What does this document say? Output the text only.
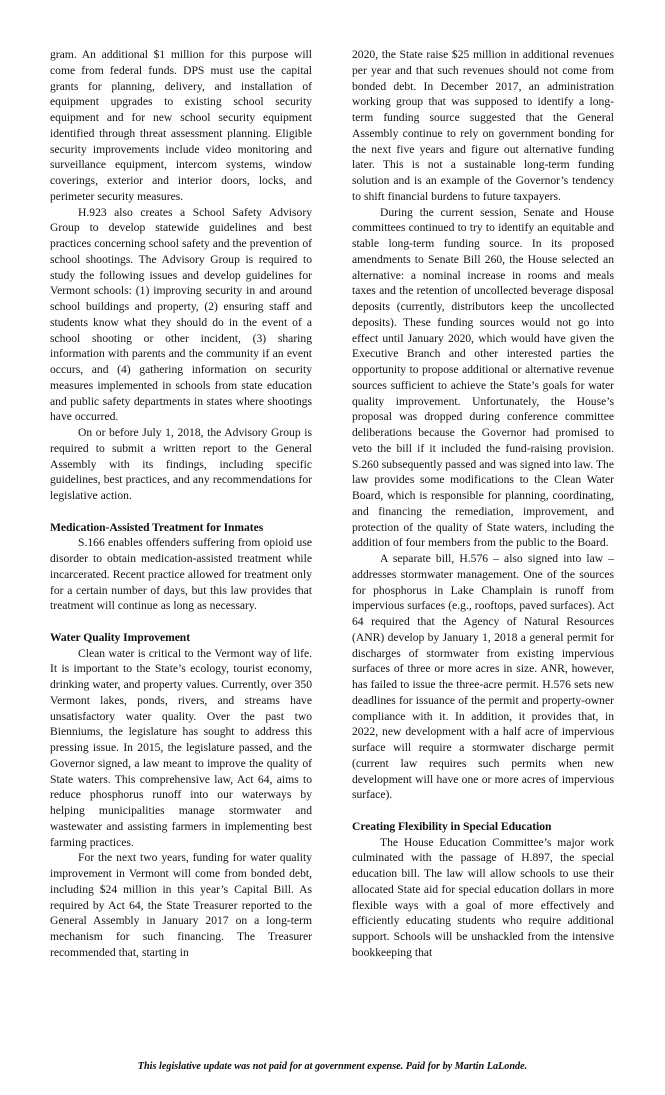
gram. An additional $1 million for this purpose will come from federal funds. DPS must use the capital grants for planning, delivery, and installation of equipment upgrades to existing school security equipment and for new school security equipment identified through threat assessment planning. Eligible security improvements include video monitoring and surveillance equipment, intercom systems, window coverings, exterior and interior doors, locks, and perimeter security measures.

H.923 also creates a School Safety Advisory Group to develop statewide guidelines and best practices concerning school safety and the prevention of school shootings. The Advisory Group is required to study the following issues and develop guidelines for Vermont schools: (1) improving security in and around school buildings and property, (2) ensuring staff and students know what they should do in the event of a school shooting or other incident, (3) sharing information with parents and the community if an event occurs, and (4) gathering information on security measures implemented in schools from state education and public safety departments in states where shootings have occurred.

On or before July 1, 2018, the Advisory Group is required to submit a written report to the General Assembly with its findings, including specific guidelines, best practices, and any recommendations for legislative action.

Medication-Assisted Treatment for Inmates

S.166 enables offenders suffering from opioid use disorder to obtain medication-assisted treatment while incarcerated. Recent practice allowed for treatment only for a certain number of days, but this law provides that treatment will continue as long as necessary.

Water Quality Improvement

Clean water is critical to the Vermont way of life. It is important to the State’s ecology, tourist economy, drinking water, and property values. Currently, over 350 Vermont lakes, ponds, rivers, and streams have unsatisfactory water quality. Over the past two Bienniums, the legislature has sought to address this pressing issue. In 2015, the legislature passed, and the Governor signed, a law meant to improve the quality of State waters. This comprehensive law, Act 64, aims to reduce phosphorus runoff into our waterways by helping municipalities manage stormwater and wastewater and assisting farmers in implementing best farming practices.

For the next two years, funding for water quality improvement in Vermont will come from bonded debt, including $24 million in this year’s Capital Bill. As required by Act 64, the State Treasurer reported to the General Assembly in January 2017 on a long-term mechanism for such financing. The Treasurer recommended that, starting in

2020, the State raise $25 million in additional revenues per year and that such revenues should not come from bonded debt. In December 2017, an administration working group that was supposed to identify a long-term funding source suggested that the General Assembly continue to rely on government bonding for the next five years and figure out alternative funding later. This is not a sustainable long-term funding solution and is an example of the Governor’s tendency to shift financial burdens to future taxpayers.

During the current session, Senate and House committees continued to try to identify an equitable and stable long-term funding source. In its proposed amendments to Senate Bill 260, the House selected an alternative: a nominal increase in rooms and meals taxes and the retention of uncollected beverage disposal deposits (currently, distributors keep the uncollected deposits). These funding sources would not go into effect until January 2020, which would have given the Executive Branch and other interested parties the opportunity to propose additional or alternative revenue sources sufficient to achieve the State’s goals for water quality improvement. Unfortunately, the House’s proposal was dropped during conference committee deliberations because the Governor had promised to veto the bill if it included the fund-raising provision. S.260 subsequently passed and was signed into law. The law provides some modifications to the Clean Water Board, which is responsible for planning, coordinating, and financing the remediation, improvement, and protection of the quality of State waters, including the addition of four members from the public to the Board.

A separate bill, H.576 – also signed into law – addresses stormwater management. One of the sources for phosphorus in Lake Champlain is runoff from impervious surfaces (e.g., rooftops, paved surfaces). Act 64 required that the Agency of Natural Resources (ANR) develop by January 1, 2018 a general permit for discharges of stormwater from existing impervious surfaces of three or more acres in size. ANR, however, has failed to issue the three-acre permit. H.576 sets new deadlines for issuance of the permit and property-owner compliance with it. In addition, it provides that, in 2022, new development with a half acre of impervious surface will require a stormwater discharge permit (current law requires such permits when new development will have one or more acres of impervious surface).

Creating Flexibility in Special Education

The House Education Committee’s major work culminated with the passage of H.897, the special education bill. The law will allow schools to use their allocated State aid for special education dollars in more flexible ways with a goal of more effectively and efficiently educating students who require additional support. Schools will be unshackled from the intensive bookkeeping that

This legislative update was not paid for at government expense. Paid for by Martin LaLonde.
